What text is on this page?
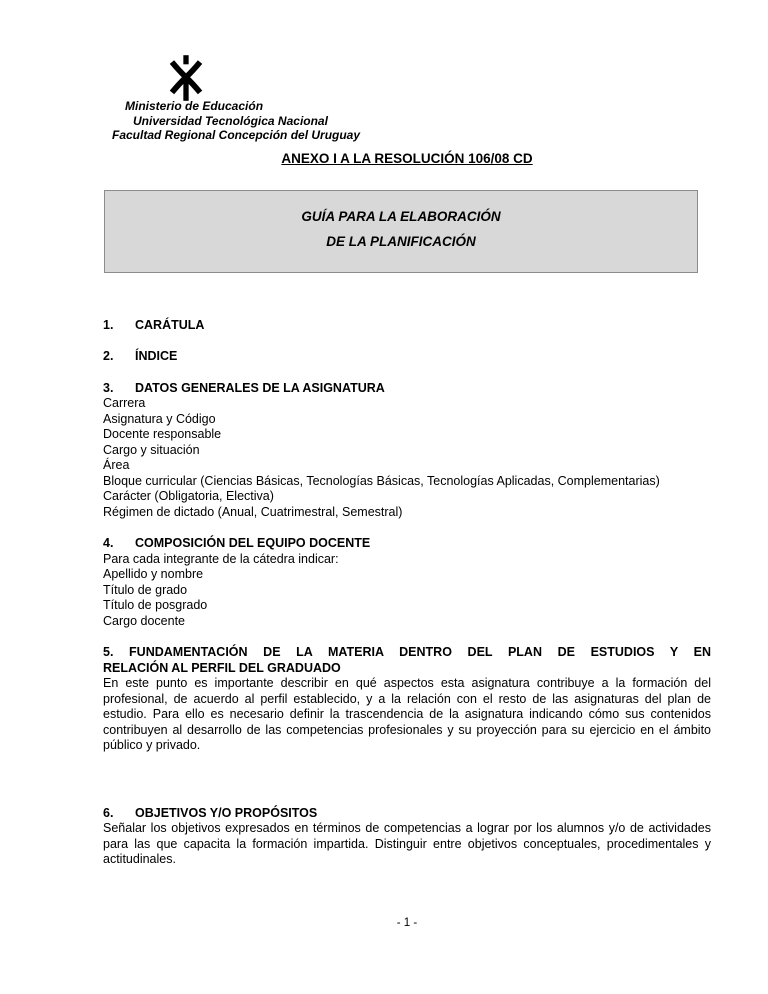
Ministerio de Educación
Universidad Tecnológica Nacional
Facultad Regional Concepción del Uruguay
ANEXO I A LA RESOLUCIÓN 106/08 CD
GUÍA PARA LA ELABORACIÓN
DE LA PLANIFICACIÓN
1.	CARÁTULA
2.	ÍNDICE
3.	DATOS GENERALES DE LA ASIGNATURA
Carrera
Asignatura y Código
Docente responsable
Cargo y situación
Área
Bloque curricular (Ciencias Básicas, Tecnologías Básicas, Tecnologías Aplicadas, Complementarias)
Carácter (Obligatoria, Electiva)
Régimen de dictado (Anual, Cuatrimestral, Semestral)
4.	COMPOSICIÓN DEL EQUIPO DOCENTE
Para cada integrante de la cátedra indicar:
Apellido y nombre
Título de grado
Título de posgrado
Cargo docente
5. FUNDAMENTACIÓN DE LA MATERIA DENTRO DEL PLAN DE ESTUDIOS Y EN
RELACIÓN AL PERFIL DEL GRADUADO
En este punto es importante describir en qué aspectos esta asignatura contribuye a la formación del profesional, de acuerdo al perfil establecido, y a la relación con el resto de las asignaturas del plan de estudio. Para ello es necesario definir la trascendencia de la asignatura indicando cómo sus contenidos contribuyen al desarrollo de las competencias profesionales y su proyección para su ejercicio en el ámbito público y privado.
6.	OBJETIVOS Y/O PROPÓSITOS
Señalar los objetivos expresados en términos de competencias a lograr por los alumnos y/o de actividades para las que capacita la formación impartida. Distinguir entre objetivos conceptuales, procedimentales y actitudinales.
- 1 -
